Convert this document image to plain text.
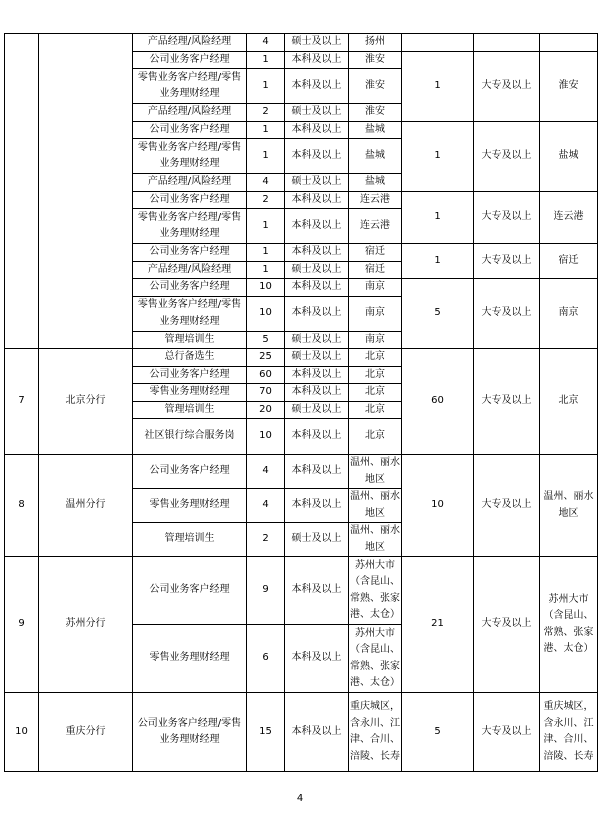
		产品经理/风险经理	4	硕士及以上	扬州			
		公司业务客户经理	1	本科及以上	淮安	1	大专及以上	淮安
		零售业务客户经理/零售业务理财经理	1	本科及以上	淮安			
		产品经理/风险经理	2	硕士及以上	淮安			
		公司业务客户经理	1	本科及以上	盐城	1	大专及以上	盐城
		零售业务客户经理/零售业务理财经理	1	本科及以上	盐城			
		产品经理/风险经理	4	硕士及以上	盐城			
		公司业务客户经理	2	本科及以上	连云港	1	大专及以上	连云港
		零售业务客户经理/零售业务理财经理	1	本科及以上	连云港			
		公司业务客户经理	1	本科及以上	宿迁	1	大专及以上	宿迁
		产品经理/风险经理	1	硕士及以上	宿迁			
		公司业务客户经理	10	本科及以上	南京	5	大专及以上	南京
		零售业务客户经理/零售业务理财经理	10	本科及以上	南京			
		管理培训生	5	硕士及以上	南京			
7	北京分行	总行备选生	25	硕士及以上	北京	60	大专及以上	北京
		公司业务客户经理	60	本科及以上	北京			
		零售业务理财经理	70	本科及以上	北京			
		管理培训生	20	硕士及以上	北京			
		社区银行综合服务岗	10	本科及以上	北京			
8	温州分行	公司业务客户经理	4	本科及以上	温州、丽水地区	10	大专及以上	温州、丽水地区
		零售业务理财经理	4	本科及以上	温州、丽水地区			
		管理培训生	2	硕士及以上	温州、丽水地区			
9	苏州分行	公司业务客户经理	9	本科及以上	苏州大市（含昆山、常熟、张家港、太仓）	21	大专及以上	苏州大市（含昆山、常熟、张家港、太仓）
		零售业务理财经理	6	本科及以上	苏州大市（含昆山、常熟、张家港、太仓）			
10	重庆分行	公司业务客户经理/零售业务理财经理	15	本科及以上	重庆城区，含永川、江津、合川、涪陵、长寿	5	大专及以上	重庆城区，含永川、江津、合川、涪陵、长寿
4
